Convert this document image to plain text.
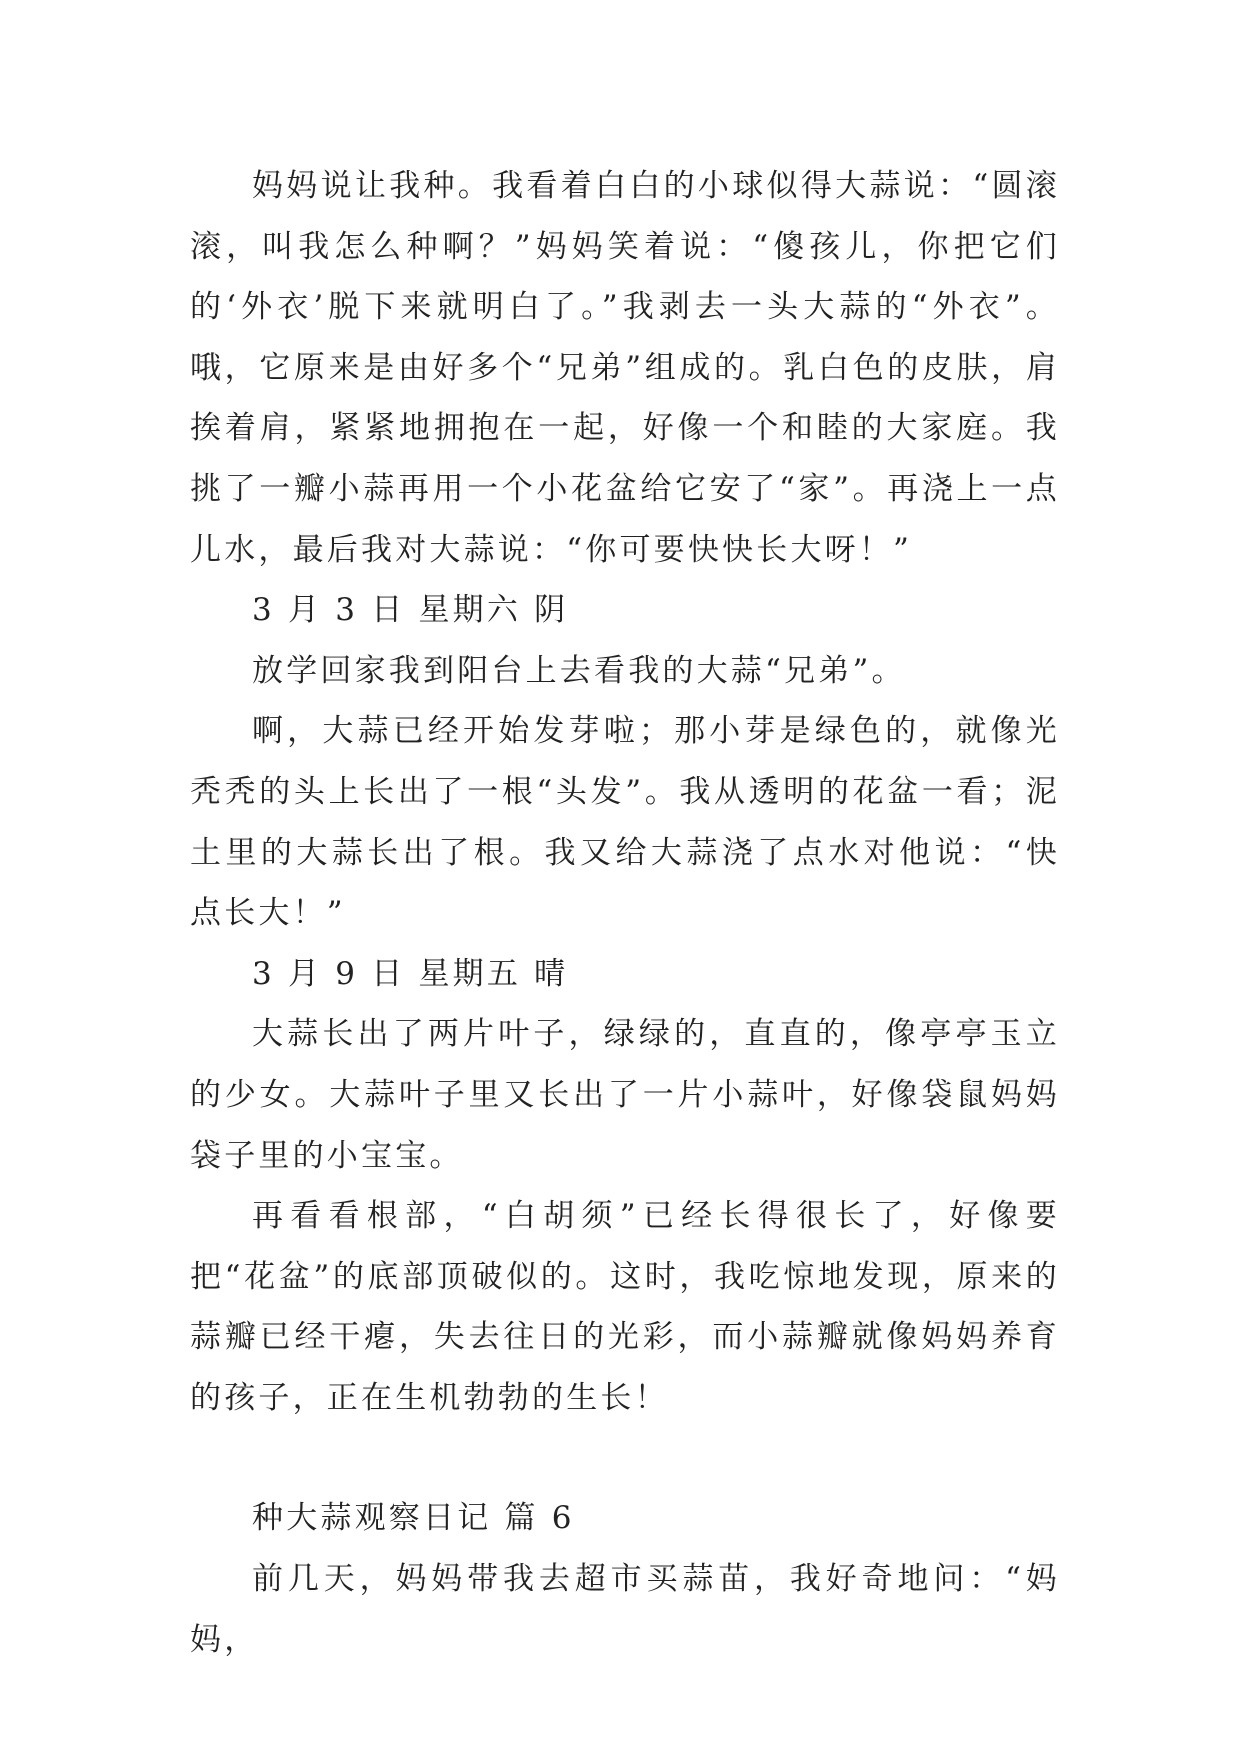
妈妈说让我种。我看着白白的小球似得大蒜说：“圆滚滚，叫我怎么种啊？”妈妈笑着说：“傻孩儿，你把它们的‘外衣’脱下来就明白了。”我剥去一头大蒜的“外衣”。哦，它原来是由好多个“兄弟”组成的。乳白色的皮肤，肩挨着肩，紧紧地拥抱在一起，好像一个和睦的大家庭。我挑了一瓣小蒜再用一个小花盆给它安了“家”。再浇上一点儿水，最后我对大蒜说：“你可要快快长大呀！”

3 月 3 日 星期六 阴

放学回家我到阳台上去看我的大蒜“兄弟”。

啊，大蒜已经开始发芽啦；那小芽是绿色的，就像光秃秃的头上长出了一根“头发”。我从透明的花盆一看；泥土里的大蒜长出了根。我又给大蒜浇了点水对他说：“快点长大！”

3 月 9 日 星期五 晴

大蒜长出了两片叶子，绿绿的，直直的，像亭亭玉立的少女。大蒜叶子里又长出了一片小蒜叶，好像袋鼠妈妈袋子里的小宝宝。

再看看根部，“白胡须”已经长得很长了，好像要把“花盆”的底部顶破似的。这时，我吃惊地发现，原来的蒜瓣已经干瘪，失去往日的光彩，而小蒜瓣就像妈妈养育的孩子，正在生机勃勃的生长！

种大蒜观察日记 篇 6

前几天，妈妈带我去超市买蒜苗，我好奇地问：“妈妈，
